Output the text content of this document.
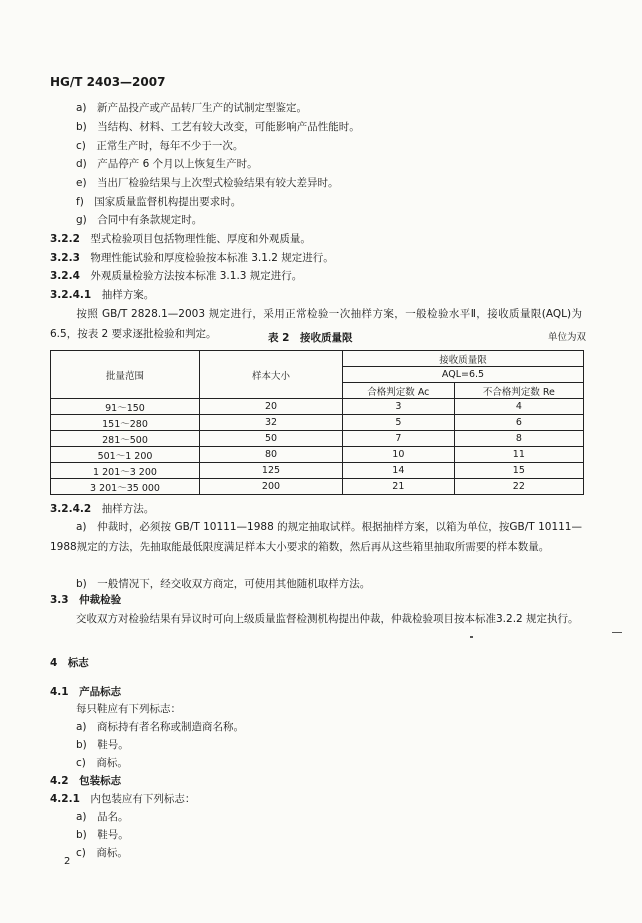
HG/T 2403—2007
a)　 新产品投产或产品转厂生产的试制定型鉴定。
b)　 当结构、材料、工艺有较大改变，可能影响产品性能时。
c)　 正常生产时，每年不少于一次。
d)　 产品停产 6 个月以上恢复生产时。
e)　 当出厂检验结果与上次型式检验结果有较大差异时。
f)　 国家质量监督机构提出要求时。
g)　 合同中有条款规定时。
3.2.2　 型式检验项目包括物理性能、厚度和外观质量。
3.2.3　 物理性能试验和厚度检验按本标准 3.1.2 规定进行。
3.2.4　 外观质量检验方法按本标准 3.1.3 规定进行。
3.2.4.1　 抽样方案。
按照 GB/T 2828.1—2003 规定进行，采用正常检验一次抽样方案，一般检验水平Ⅱ，接收质量限(AQL)为 6.5，按表 2 要求逐批检验和判定。	表 2　接收质量限	单位为双
批量范围	样本大小	接收质量限	
		AQL=6.5	
		合格判定数 Ac	不合格判定数 Re
91～150	20	3	4
151～280	32	5	6
281～500	50	7	8
501～1 200	80	10	11
1 201～3 200	125	14	15
3 201～35 000	200	21	22
3.2.4.2　 抽样方法。
a)　仲裁时，必须按 GB/T 10111—1988 的规定抽取试样。根据抽样方案，以箱为单位，按GB/T 10111—1988规定的方法，先抽取能最低限度满足样本大小要求的箱数，然后再从这些箱里抽取所需要的样本数量。
b)　一般情况下，经交收双方商定，可使用其他随机取样方法。
3.3　 仲裁检验
交收双方对检验结果有异议时可向上级质量监督检测机构提出仲裁，仲裁检验项目按本标准3.2.2 规定执行。
4　 标志
4.1　 产品标志
每只鞋应有下列标志：
a)　 商标持有者名称或制造商名称。
b)　 鞋号。
c)　 商标。
4.2　 包装标志
4.2.1　 内包装应有下列标志：
a)　 品名。
b)　 鞋号。
c)　 商标。
2
